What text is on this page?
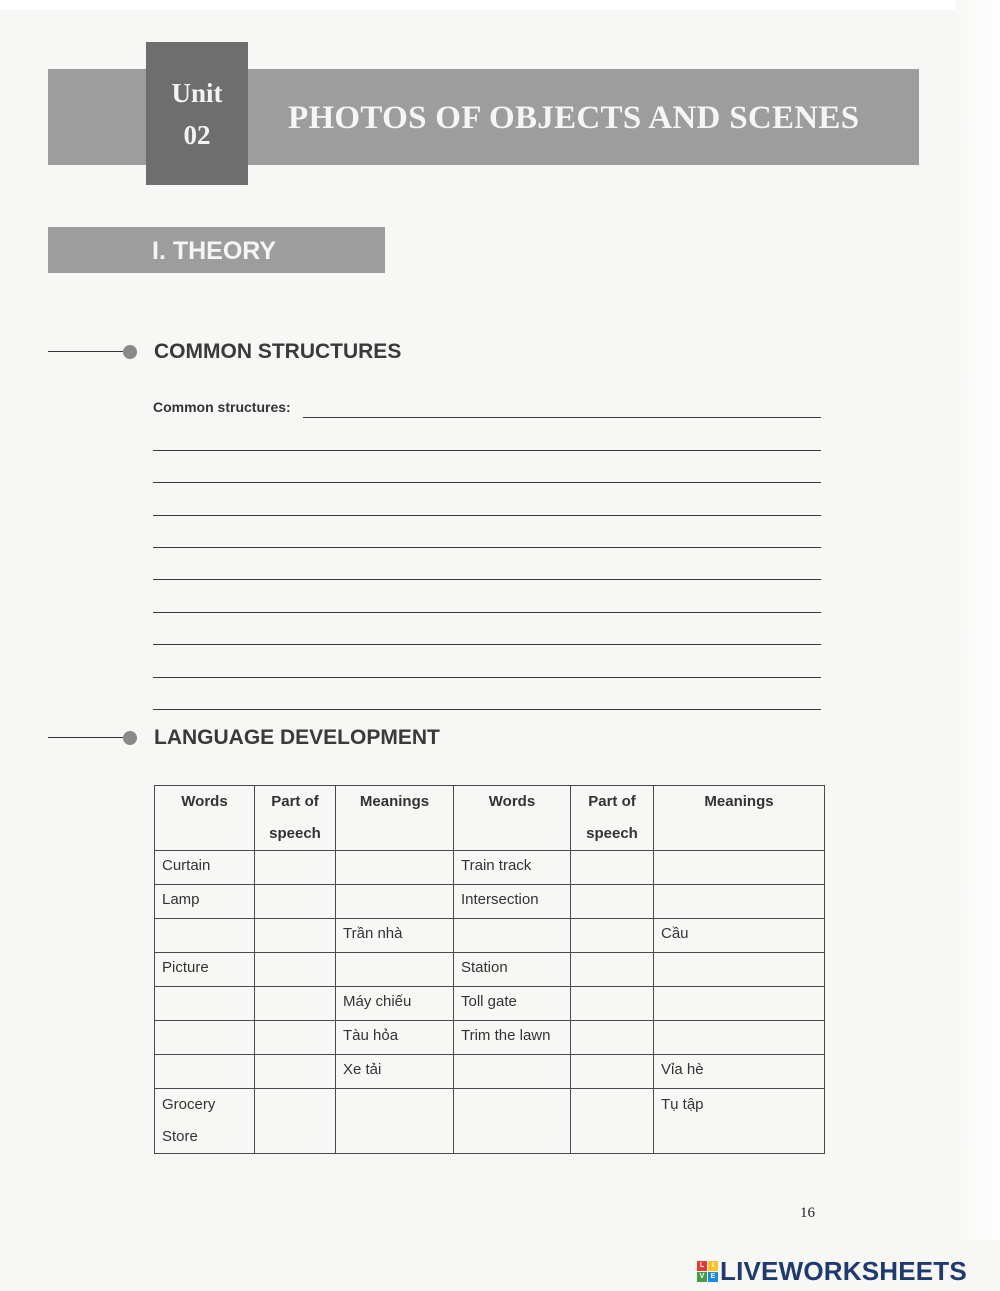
Unit
02 PHOTOS OF OBJECTS AND SCENES
I. THEORY
COMMON STRUCTURES
Common structures:
LANGUAGE DEVELOPMENT
Words	Part of speech	Meanings	Words	Part of speech	Meanings
Curtain			Train track		
Lamp			Intersection		
		Trần nhà			Cầu
Picture			Station		
		Máy chiếu	Toll gate		
		Tàu hỏa	Trim the lawn		
		Xe tải			Vỉa hè
Grocery Store					Tụ tập
16
L	I
V E LIVEWORKSHEETS
